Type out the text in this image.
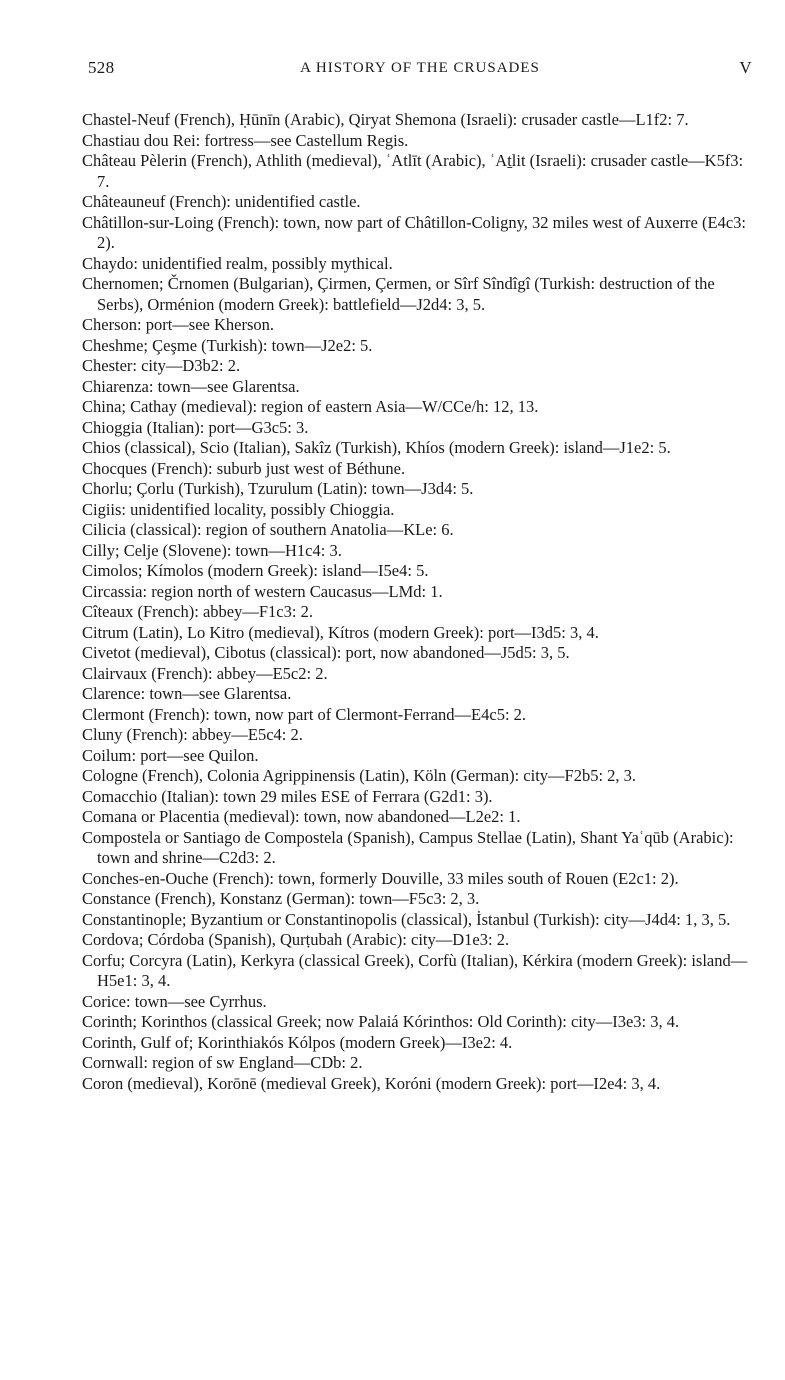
528	A HISTORY OF THE CRUSADES	V
Chastel-Neuf (French), Ḥūnīn (Arabic), Qiryat Shemona (Israeli): crusader castle—L1f2: 7.
Chastiau dou Rei: fortress—see Castellum Regis.
Château Pèlerin (French), Athlith (medieval), ʿAtlīt (Arabic), ʿAṯlit (Israeli): crusader castle—K5f3: 7.
Châteauneuf (French): unidentified castle.
Châtillon-sur-Loing (French): town, now part of Châtillon-Coligny, 32 miles west of Auxerre (E4c3: 2).
Chaydo: unidentified realm, possibly mythical.
Chernomen; Črnomen (Bulgarian), Çirmen, Çermen, or Sîrf Sîndîgî (Turkish: destruction of the Serbs), Orménion (modern Greek): battlefield—J2d4: 3, 5.
Cherson: port—see Kherson.
Cheshme; Çeşme (Turkish): town—J2e2: 5.
Chester: city—D3b2: 2.
Chiarenza: town—see Glarentsa.
China; Cathay (medieval): region of eastern Asia—W/CCe/h: 12, 13.
Chioggia (Italian): port—G3c5: 3.
Chios (classical), Scio (Italian), Sakîz (Turkish), Khíos (modern Greek): island—J1e2: 5.
Chocques (French): suburb just west of Béthune.
Chorlu; Çorlu (Turkish), Tzurulum (Latin): town—J3d4: 5.
Cigiis: unidentified locality, possibly Chioggia.
Cilicia (classical): region of southern Anatolia—KLe: 6.
Cilly; Celje (Slovene): town—H1c4: 3.
Cimolos; Kímolos (modern Greek): island—I5e4: 5.
Circassia: region north of western Caucasus—LMd: 1.
Cîteaux (French): abbey—F1c3: 2.
Citrum (Latin), Lo Kitro (medieval), Kítros (modern Greek): port—I3d5: 3, 4.
Civetot (medieval), Cibotus (classical): port, now abandoned—J5d5: 3, 5.
Clairvaux (French): abbey—E5c2: 2.
Clarence: town—see Glarentsa.
Clermont (French): town, now part of Clermont-Ferrand—E4c5: 2.
Cluny (French): abbey—E5c4: 2.
Coilum: port—see Quilon.
Cologne (French), Colonia Agrippinensis (Latin), Köln (German): city—F2b5: 2, 3.
Comacchio (Italian): town 29 miles ESE of Ferrara (G2d1: 3).
Comana or Placentia (medieval): town, now abandoned—L2e2: 1.
Compostela or Santiago de Compostela (Spanish), Campus Stellae (Latin), Shant Yaʿqūb (Arabic): town and shrine—C2d3: 2.
Conches-en-Ouche (French): town, formerly Douville, 33 miles south of Rouen (E2c1: 2).
Constance (French), Konstanz (German): town—F5c3: 2, 3.
Constantinople; Byzantium or Constantinopolis (classical), İstanbul (Turkish): city—J4d4: 1, 3, 5.
Cordova; Córdoba (Spanish), Qurṭubah (Arabic): city—D1e3: 2.
Corfu; Corcyra (Latin), Kerkyra (classical Greek), Corfù (Italian), Kérkira (modern Greek): island—H5e1: 3, 4.
Corice: town—see Cyrrhus.
Corinth; Korinthos (classical Greek; now Palaiá Kórinthos: Old Corinth): city—I3e3: 3, 4.
Corinth, Gulf of; Korinthiakós Kólpos (modern Greek)—I3e2: 4.
Cornwall: region of sw England—CDb: 2.
Coron (medieval), Korōnē (medieval Greek), Koróni (modern Greek): port—I2e4: 3, 4.
